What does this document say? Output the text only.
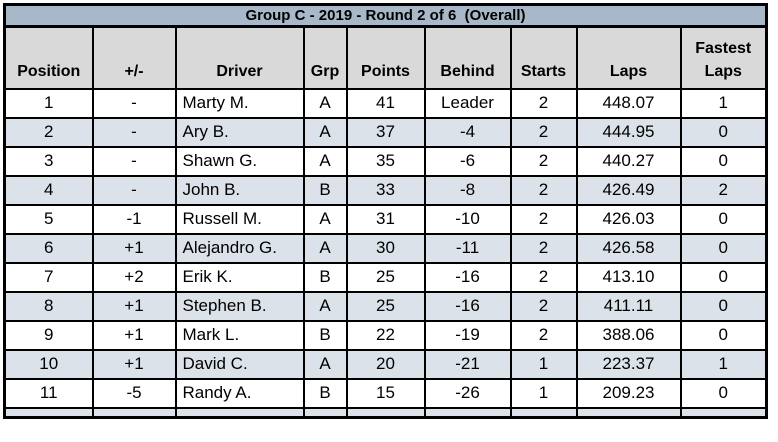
Group C - 2019 - Round 2 of 6  (Overall)								
Position	+/-	Driver	Grp	Points	Behind	Starts	Laps	Fastest Laps
1	-	Marty M.	A	41	Leader	2	448.07	1
2	-	Ary B.	A	37	-4	2	444.95	0
3	-	Shawn G.	A	35	-6	2	440.27	0
4	-	John B.	B	33	-8	2	426.49	2
5	-1	Russell M.	A	31	-10	2	426.03	0
6	+1	Alejandro G.	A	30	-11	2	426.58	0
7	+2	Erik K.	B	25	-16	2	413.10	0
8	+1	Stephen B.	A	25	-16	2	411.11	0
9	+1	Mark L.	B	22	-19	2	388.06	0
10	+1	David C.	A	20	-21	1	223.37	1
11	-5	Randy A.	B	15	-26	1	209.23	0
